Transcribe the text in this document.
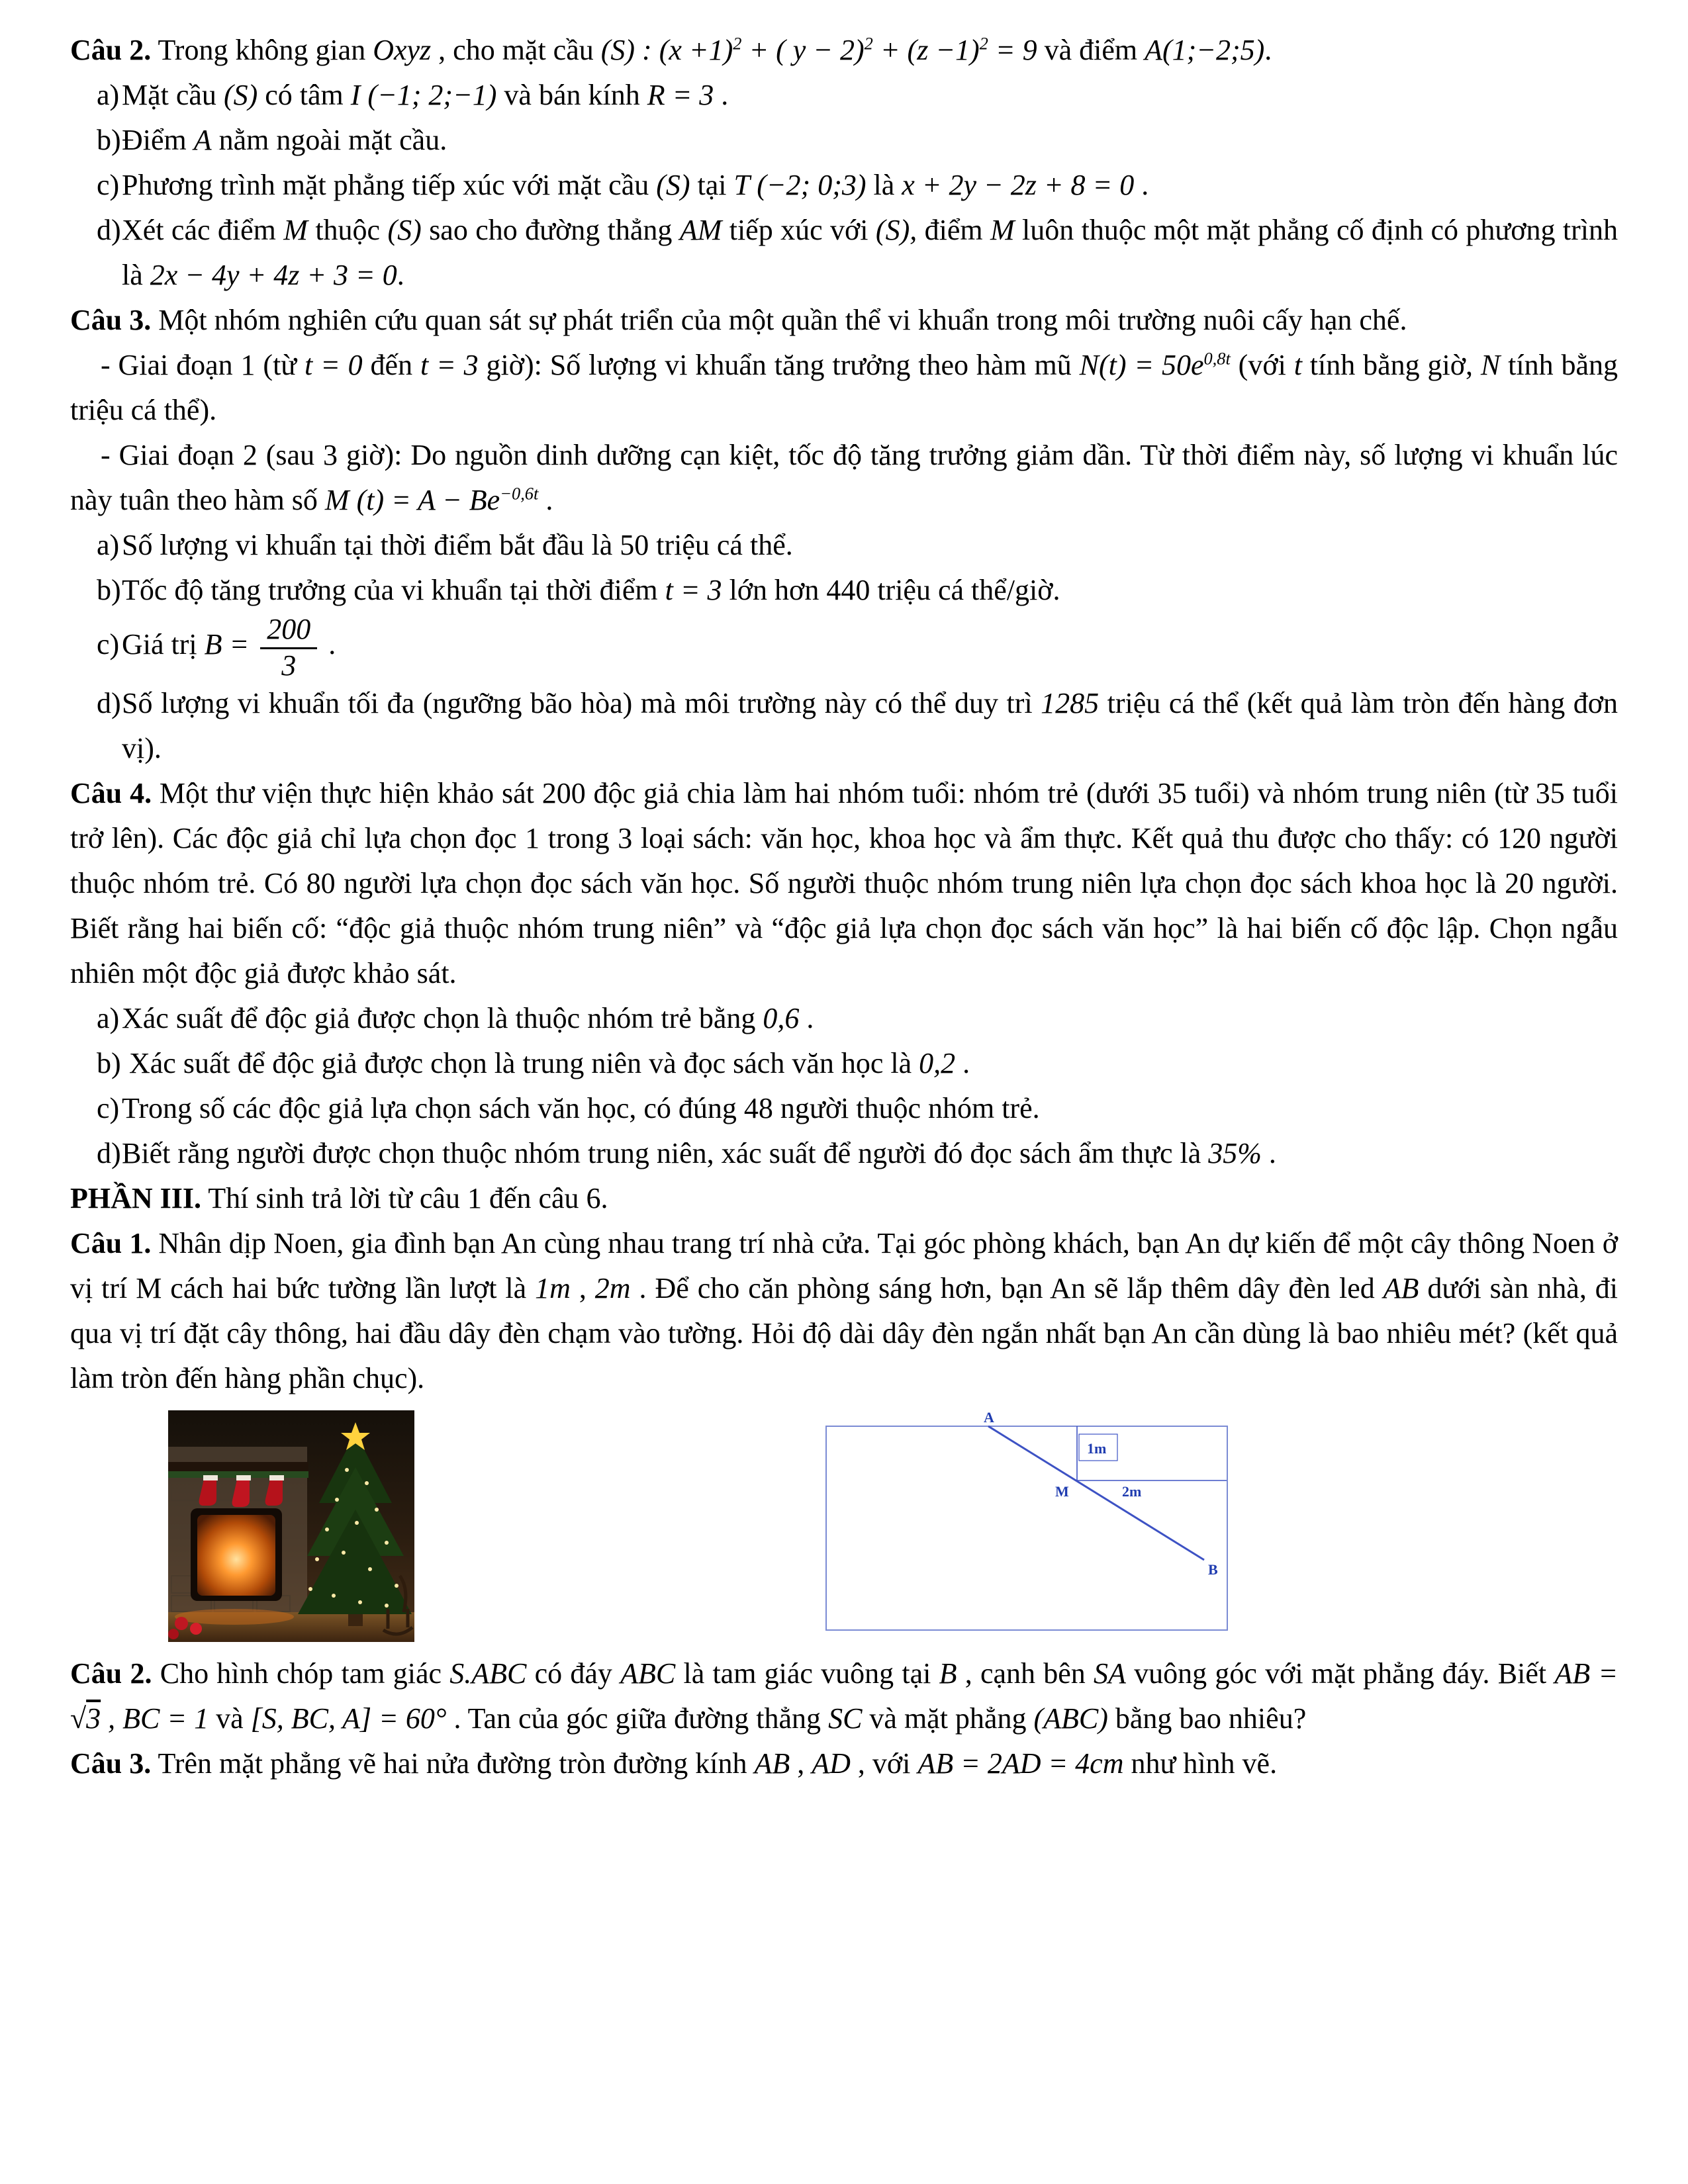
Câu 2. Trong không gian Oxyz , cho mặt cầu (S) : $(x +1)^2$ + ( $y - 2)^2 + (z -1)^2 = 9$ và điểm A(1;−2;5).

a)Mặt cầu (S) có tâm I (−1; 2;−1) và bán kính R = 3 .

b)Điểm A nằm ngoài mặt cầu.

c)Phương trình mặt phẳng tiếp xúc với mặt cầu (S) tại T (−2; 0;3) là x + 2y − 2z + 8 = 0 .

d)Xét các điểm M thuộc (S) sao cho đường thẳng AM tiếp xúc với (S), điểm M luôn thuộc một mặt phẳng cố định có phương trình là 2x − 4y + 4z + 3 = 0.

Câu 3. Một nhóm nghiên cứu quan sát sự phát triển của một quần thể vi khuẩn trong môi trường nuôi cấy hạn chế.

- Giai đoạn 1 (từ t = 0 đến t = 3 giờ): Số lượng vi khuẩn tăng trưởng theo hàm mũ $N(t) = 50e^{0,8t}$ (với t tính bằng giờ, N tính bằng triệu cá thể).

- Giai đoạn 2 (sau 3 giờ): Do nguồn dinh dưỡng cạn kiệt, tốc độ tăng trưởng giảm dần. Từ thời điểm này, số lượng vi khuẩn lúc này tuân theo hàm số M $(t) = A - Be^{-0,6t}$ .

a)Số lượng vi khuẩn tại thời điểm bắt đầu là 50 triệu cá thể.

b)Tốc độ tăng trưởng của vi khuẩn tại thời điểm t = 3 lớn hơn 440 triệu cá thể/giờ.

c)Giá trị $B = \frac{200}{3}$ .

d)Số lượng vi khuẩn tối đa (ngưỡng bão hòa) mà môi trường này có thể duy trì 1285 triệu cá thể (kết quả làm tròn đến hàng đơn vị).

Câu 4. Một thư viện thực hiện khảo sát 200 độc giả chia làm hai nhóm tuổi: nhóm trẻ (dưới 35 tuổi) và nhóm trung niên (từ 35 tuổi trở lên). Các độc giả chỉ lựa chọn đọc 1 trong 3 loại sách: văn học, khoa học và ẩm thực. Kết quả thu được cho thấy: có 120 người thuộc nhóm trẻ. Có 80 người lựa chọn đọc sách văn học. Số người thuộc nhóm trung niên lựa chọn đọc sách khoa học là 20 người. Biết rằng hai biến cố: “độc giả thuộc nhóm trung niên” và “độc giả lựa chọn đọc sách văn học” là hai biến cố độc lập. Chọn ngẫu nhiên một độc giả được khảo sát.

a)Xác suất để độc giả được chọn là thuộc nhóm trẻ bằng 0,6 .

b) Xác suất để độc giả được chọn là trung niên và đọc sách văn học là 0,2 .

c)Trong số các độc giả lựa chọn sách văn học, có đúng 48 người thuộc nhóm trẻ.

d)Biết rằng người được chọn thuộc nhóm trung niên, xác suất để người đó đọc sách ẩm thực là 35% .

PHẦN III. Thí sinh trả lời từ câu 1 đến câu 6.

Câu 1. Nhân dịp Noen, gia đình bạn An cùng nhau trang trí nhà cửa. Tại góc phòng khách, bạn An dự kiến để một cây thông Noen ở vị trí M cách hai bức tường lần lượt là 1m , 2m . Để cho căn phòng sáng hơn, bạn An sẽ lắp thêm dây đèn led AB dưới sàn nhà, đi qua vị trí đặt cây thông, hai đầu dây đèn chạm vào tường. Hỏi độ dài dây đèn ngắn nhất bạn An cần dùng là bao nhiêu mét? (kết quả làm tròn đến hàng phần chục).

1m
2m
A
M
B

Câu 2. Cho hình chóp tam giác S.ABC có đáy ABC là tam giác vuông tại B , cạnh bên SA vuông góc với mặt phẳng đáy. Biết AB = √3 , BC = 1 và [S, BC, A] = 60° . Tan của góc giữa đường thẳng SC và mặt phẳng (ABC) bằng bao nhiêu?

Câu 3. Trên mặt phẳng vẽ hai nửa đường tròn đường kính AB , AD , với AB = 2AD = 4cm như hình vẽ.
